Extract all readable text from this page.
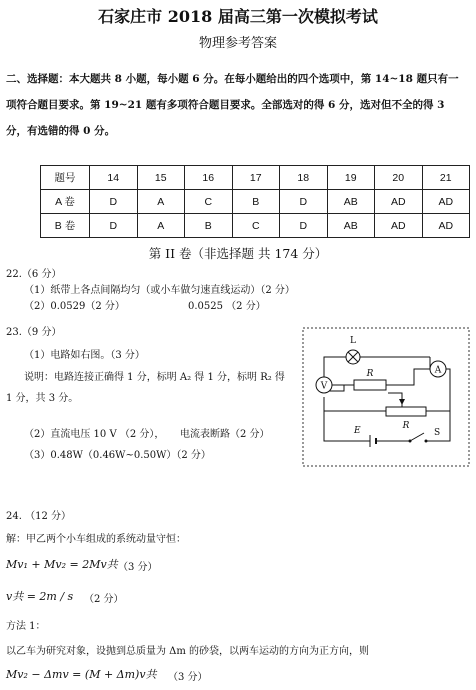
石家庄市 2018 届高三第一次模拟考试
物理参考答案
二、选择题：本大题共 8 小题，每小题 6 分。在每小题给出的四个选项中，第 14~18 题只有一项符合题目要求。第 19~21 题有多项符合题目要求。全部选对的得 6 分，选对但不全的得 3 分，有选错的得 0 分。
题号	14	15	16	17	18	19	20	21
A 卷	D	A	C	B	D	AB	AD	AD
B 卷	D	A	B	C	D	AB	AD	AD
第 II 卷（非选择题 共 174 分）
22.（6 分）
（1）纸带上各点间隔均匀（或小车做匀速直线运动）（2 分）
（2）0.0529（2 分）	0.0525 （2 分）
23.（9 分）
（1）电路如右图。（3 分）
说明：电路连接正确得 1 分，标明 A₂ 得 1 分，标明 R₂ 得
1 分，共 3 分。
（2）直流电压 10 V （2 分）， 电流表断路（2 分）
（3）0.48W（0.46W~0.50W）（2 分）
L
A
V
R
R
E	S
24. （12 分）
解：甲乙两个小车组成的系统动量守恒：
Mv₁ + Mv₂ = 2Mv共 （3 分）
v共 = 2m / s （2 分）
方法 1：
以乙车为研究对象，设抛到总质量为 Δm 的砂袋，以两车运动的方向为正方向，则
Mv₂ − Δmv = (M + Δm)v共 （3 分）
